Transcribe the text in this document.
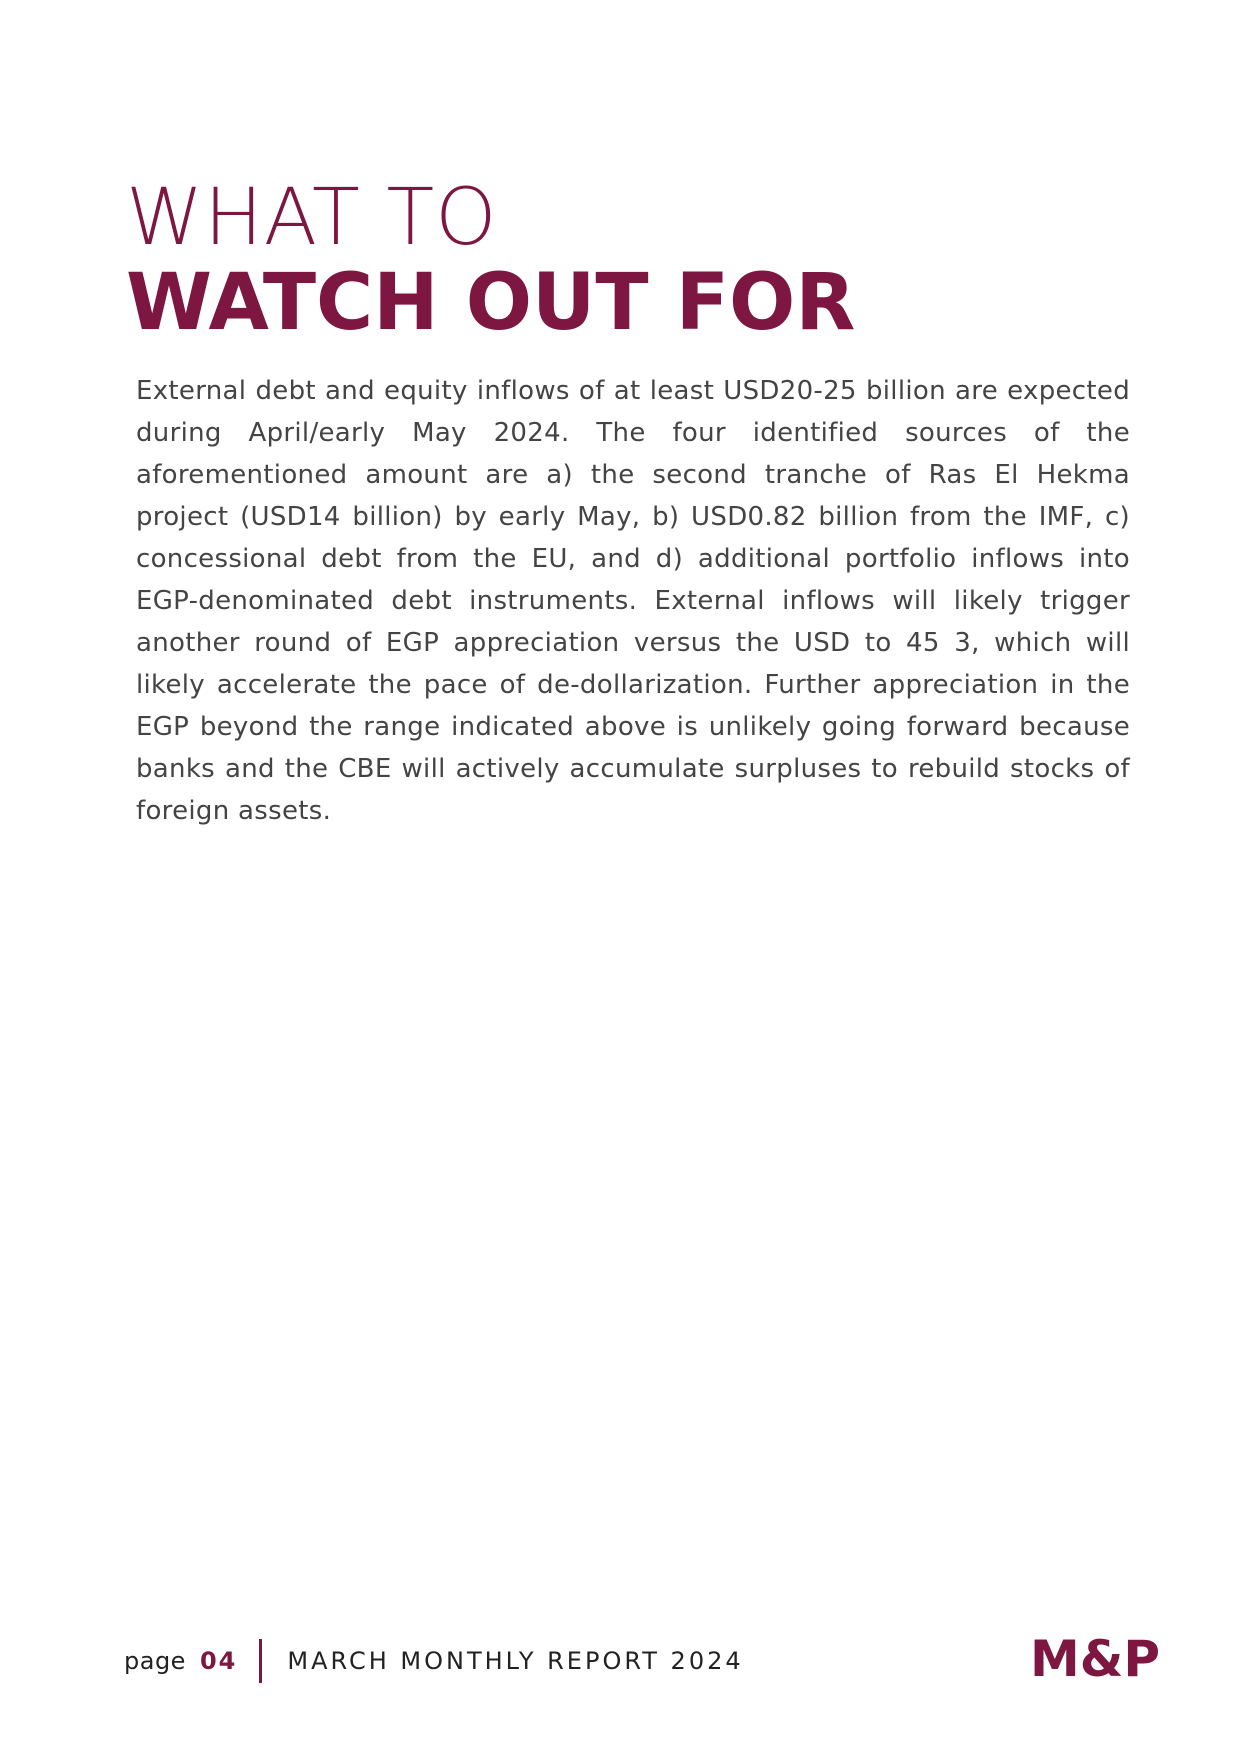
WHAT TO
WATCH OUT FOR

External debt and equity inflows of at least USD20-25 billion are expected during April/early May 2024. The four identified sources of the aforementioned amount are a) the second tranche of Ras El Hekma project (USD14 billion) by early May, b) USD0.82 billion from the IMF, c) concessional debt from the EU, and d) additional portfolio inflows into EGP-denominated debt instruments. External inflows will likely trigger another round of EGP appreciation versus the USD to 45 3, which will likely accelerate the pace of de-dollarization. Further appreciation in the EGP beyond the range indicated above is unlikely going forward because banks and the CBE will actively accumulate surpluses to rebuild stocks of foreign assets.

page 04 MARCH MONTHLY REPORT 2024	M&P
